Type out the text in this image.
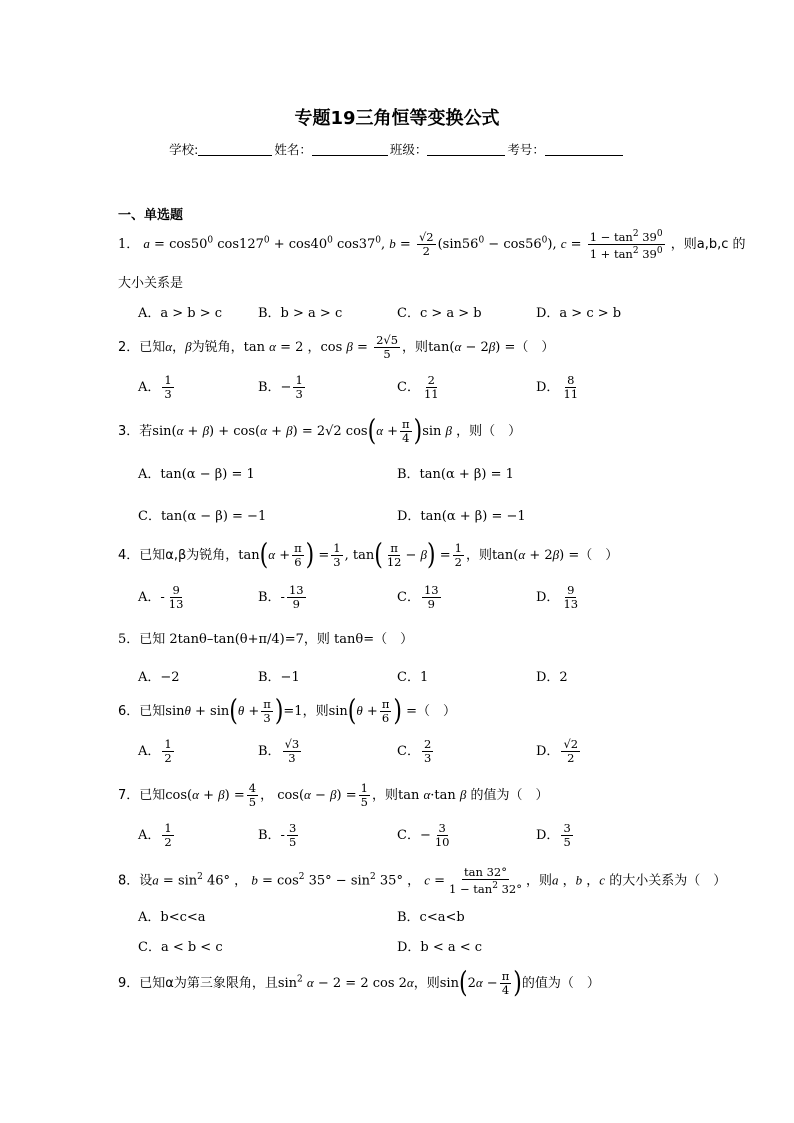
专题19三角恒等变换公式
学校:	姓名：	班级：	考号：
一、单选题
1． $a = \cos 50^0$ $\cos 127^0 + \cos 40^0$ $\cos 37^0$, $b = \frac{√2}{2} (\sin 56^0 - \cos 56^0)$, $c = \frac{1 - \tan^2 39^0}{1 + \tan^2 39^0}$ ，则a,b,c 的
大小关系是
A．a > b > c	B．b > a > c	C．c > a > b	D．a > c > b
2．已知α，β为锐角，tan α = 2 ，$\cos \beta = \frac{2√5}{5}$ ，则tan(α − 2β) =（　）
A． $\frac{1}{3}$	B．− $\frac{1}{3}$	C． $\frac{2}{11}$	D． $\frac{8}{11}$
3．若sin(α + β) + cos(α + β) = 2√2 $\cos(\alpha + \frac{\pi}{4} )\sin$ β ，则（　）
A．tan(α − β) = 1	B．tan(α + β) = 1
C．tan(α − β) = −1	D．tan(α + β) = −1
4．已知α,β为锐角，$\tan(\alpha + \frac{\pi}{6}$ ) = $\frac{1}{3}$ , $\tan( \frac{\pi}{12} - \beta) = \frac{1}{2}$ ，则tan(α + 2β) =（　）
A．- $\frac{9}{13}$	B．- $\frac{13}{9}$	C． $\frac{13}{9}$	D． $\frac{9}{13}$
5．已知 2tanθ–tan(θ+π/4)=7，则 tanθ=（　）
A．−2	B．−1	C．1	D．2
6．已知$\sin\theta + \sin(\theta + \frac{\pi}{3} )=1$，则$\sin(\theta + \frac{\pi}{6}$ ) =（　）
A． $\frac{1}{2}$	B． $\frac{√3}{3}$	C． $\frac{2}{3}$	D． $\frac{√2}{2}$
7．已知$\cos(\alpha + \beta) = \frac{4}{5}$ ， $\cos(\alpha - \beta) = \frac{1}{5}$ ，则tan α·tan β 的值为（　）
A． $\frac{1}{2}$	B．- $\frac{3}{5}$	C．− $\frac{3}{10}$	D． $\frac{3}{5}$
8．设$a = \sin^2 46^\circ$ ， $b = \cos^2 35^\circ - \sin^2 35^\circ$ ， $c = \frac{\tan 32^\circ}{1 - \tan^2 32^\circ}$ ，则a ，b ，c 的大小关系为（　）
A．b<c<a	B．c<a<b
C．a < b < c	D．b < a < c
9．已知α为第三象限角，且$\sin^2 \alpha - 2 = 2$ cos 2α，则$\sin(2\alpha - \frac{\pi}{4}$ )的值为（　）
